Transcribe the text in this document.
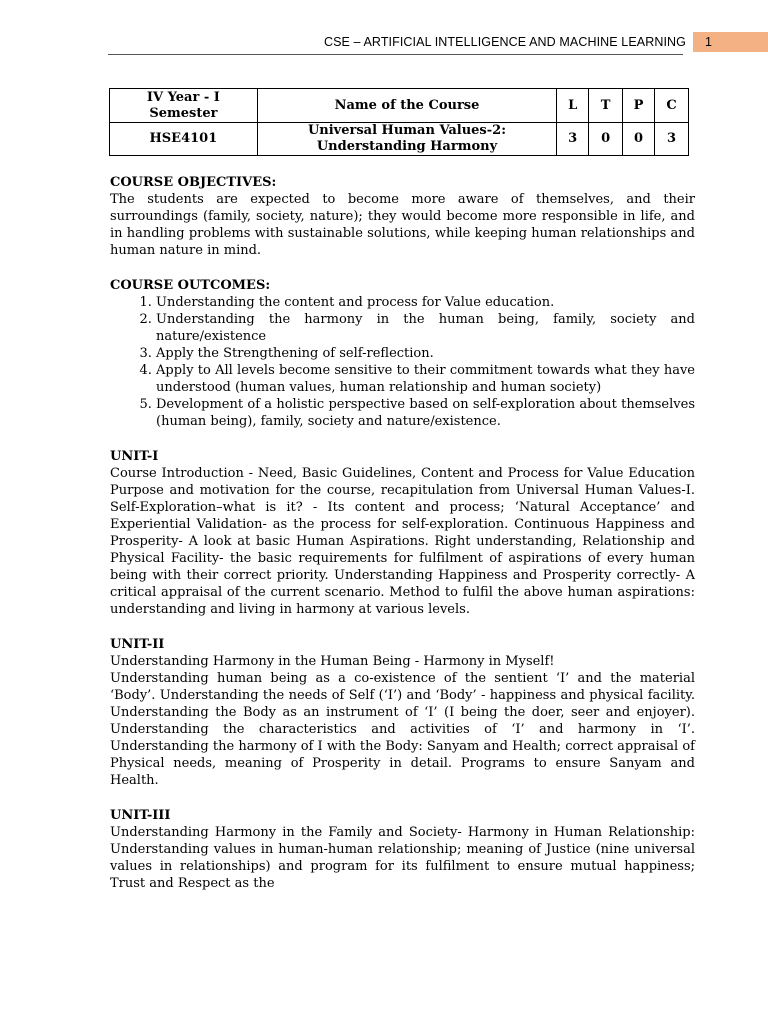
CSE – ARTIFICIAL INTELLIGENCE AND MACHINE LEARNING	1
IV Year - I Semester	Name of the Course	L	T	P	C
HSE4101	Universal Human Values-2: Understanding Harmony	3	0	0	3
COURSE OBJECTIVES:
The students are expected to become more aware of themselves, and their surroundings (family, society, nature); they would become more responsible in life, and in handling problems with sustainable solutions, while keeping human relationships and human nature in mind.
COURSE OUTCOMES:
1. Understanding the content and process for Value education.
2. Understanding the harmony in the human being, family, society and nature/existence
3. Apply the Strengthening of self-reflection.
4. Apply to All levels become sensitive to their commitment towards what they have understood (human values, human relationship and human society)
5. Development of a holistic perspective based on self-exploration about themselves (human being), family, society and nature/existence.
UNIT-I
Course Introduction - Need, Basic Guidelines, Content and Process for Value Education Purpose and motivation for the course, recapitulation from Universal Human Values-I. Self-Exploration–what is it? - Its content and process; ‘Natural Acceptance’ and Experiential Validation- as the process for self-exploration. Continuous Happiness and Prosperity- A look at basic Human Aspirations. Right understanding, Relationship and Physical Facility- the basic requirements for fulfilment of aspirations of every human being with their correct priority. Understanding Happiness and Prosperity correctly- A critical appraisal of the current scenario. Method to fulfil the above human aspirations: understanding and living in harmony at various levels.
UNIT-II
Understanding Harmony in the Human Being - Harmony in Myself!
Understanding human being as a co-existence of the sentient ‘I’ and the material ‘Body’. Understanding the needs of Self (‘I’) and ‘Body’ - happiness and physical facility. Understanding the Body as an instrument of ‘I’ (I being the doer, seer and enjoyer). Understanding the characteristics and activities of ‘I’ and harmony in ‘I’. Understanding the harmony of I with the Body: Sanyam and Health; correct appraisal of Physical needs, meaning of Prosperity in detail. Programs to ensure Sanyam and Health.
UNIT-III
Understanding Harmony in the Family and Society- Harmony in Human Relationship: Understanding values in human-human relationship; meaning of Justice (nine universal values in relationships) and program for its fulfilment to ensure mutual happiness; Trust and Respect as the
